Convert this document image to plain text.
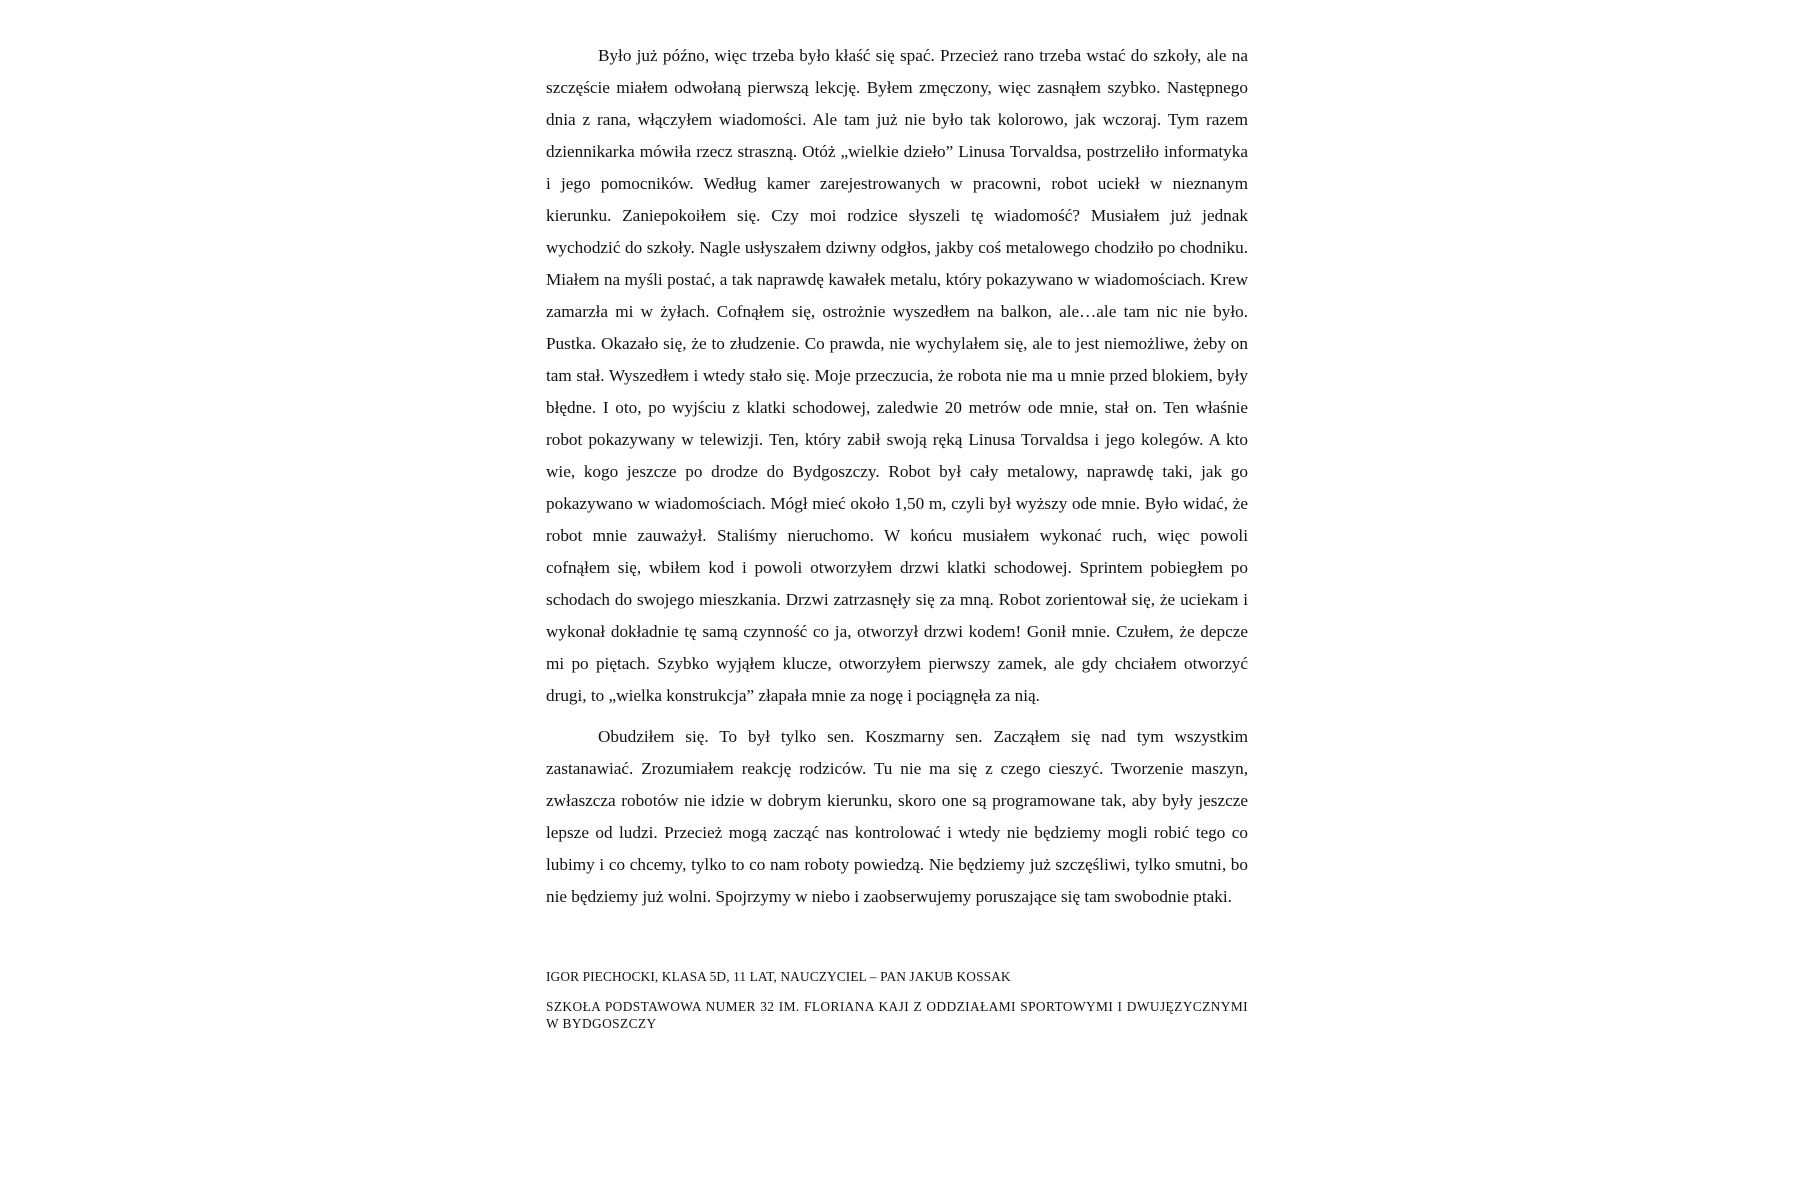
Było już późno, więc trzeba było kłaść się spać. Przecież rano trzeba wstać do szkoły, ale na szczęście miałem odwołaną pierwszą lekcję. Byłem zmęczony, więc zasnąłem szybko. Następnego dnia z rana, włączyłem wiadomości. Ale tam już nie było tak kolorowo, jak wczoraj. Tym razem dziennikarka mówiła rzecz straszną. Otóż „wielkie dzieło” Linusa Torvaldsa, postrzeliło informatyka i jego pomocników. Według kamer zarejestrowanych w pracowni, robot uciekł w nieznanym kierunku. Zaniepokoiłem się. Czy moi rodzice słyszeli tę wiadomość? Musiałem już jednak wychodzić do szkoły. Nagle usłyszałem dziwny odgłos, jakby coś metalowego chodziło po chodniku. Miałem na myśli postać, a tak naprawdę kawałek metalu, który pokazywano w wiadomościach. Krew zamarzła mi w żyłach. Cofnąłem się, ostrożnie wyszedłem na balkon, ale…ale tam nic nie było. Pustka. Okazało się, że to złudzenie. Co prawda, nie wychylałem się, ale to jest niemożliwe, żeby on tam stał. Wyszedłem i wtedy stało się. Moje przeczucia, że robota nie ma u mnie przed blokiem, były błędne. I oto, po wyjściu z klatki schodowej, zaledwie 20 metrów ode mnie, stał on. Ten właśnie robot pokazywany w telewizji. Ten, który zabił swoją ręką Linusa Torvaldsa i jego kolegów. A kto wie, kogo jeszcze po drodze do Bydgoszczy. Robot był cały metalowy, naprawdę taki, jak go pokazywano w wiadomościach. Mógł mieć około 1,50 m, czyli był wyższy ode mnie. Było widać, że robot mnie zauważył. Staliśmy nieruchomo. W końcu musiałem wykonać ruch, więc powoli cofnąłem się, wbiłem kod i powoli otworzyłem drzwi klatki schodowej. Sprintem pobiegłem po schodach do swojego mieszkania. Drzwi zatrzasnęły się za mną. Robot zorientował się, że uciekam i wykonał dokładnie tę samą czynność co ja, otworzył drzwi kodem! Gonił mnie. Czułem, że depcze mi po piętach. Szybko wyjąłem klucze, otworzyłem pierwszy zamek, ale gdy chciałem otworzyć drugi, to „wielka konstrukcja” złapała mnie za nogę i pociągnęła za nią.

Obudziłem się. To był tylko sen. Koszmarny sen. Zacząłem się nad tym wszystkim zastanawiać. Zrozumiałem reakcję rodziców. Tu nie ma się z czego cieszyć. Tworzenie maszyn, zwłaszcza robotów nie idzie w dobrym kierunku, skoro one są programowane tak, aby były jeszcze lepsze od ludzi. Przecież mogą zacząć nas kontrolować i wtedy nie będziemy mogli robić tego co lubimy i co chcemy, tylko to co nam roboty powiedzą. Nie będziemy już szczęśliwi, tylko smutni, bo nie będziemy już wolni. Spojrzymy w niebo i zaobserwujemy poruszające się tam swobodnie ptaki.

IGOR PIECHOCKI, KLASA 5D, 11 LAT, NAUCZYCIEL – PAN JAKUB KOSSAK

SZKOŁA PODSTAWOWA NUMER 32 IM. FLORIANA KAJI Z ODDZIAŁAMI SPORTOWYMI I DWUJĘZYCZNYMI W BYDGOSZCZY
